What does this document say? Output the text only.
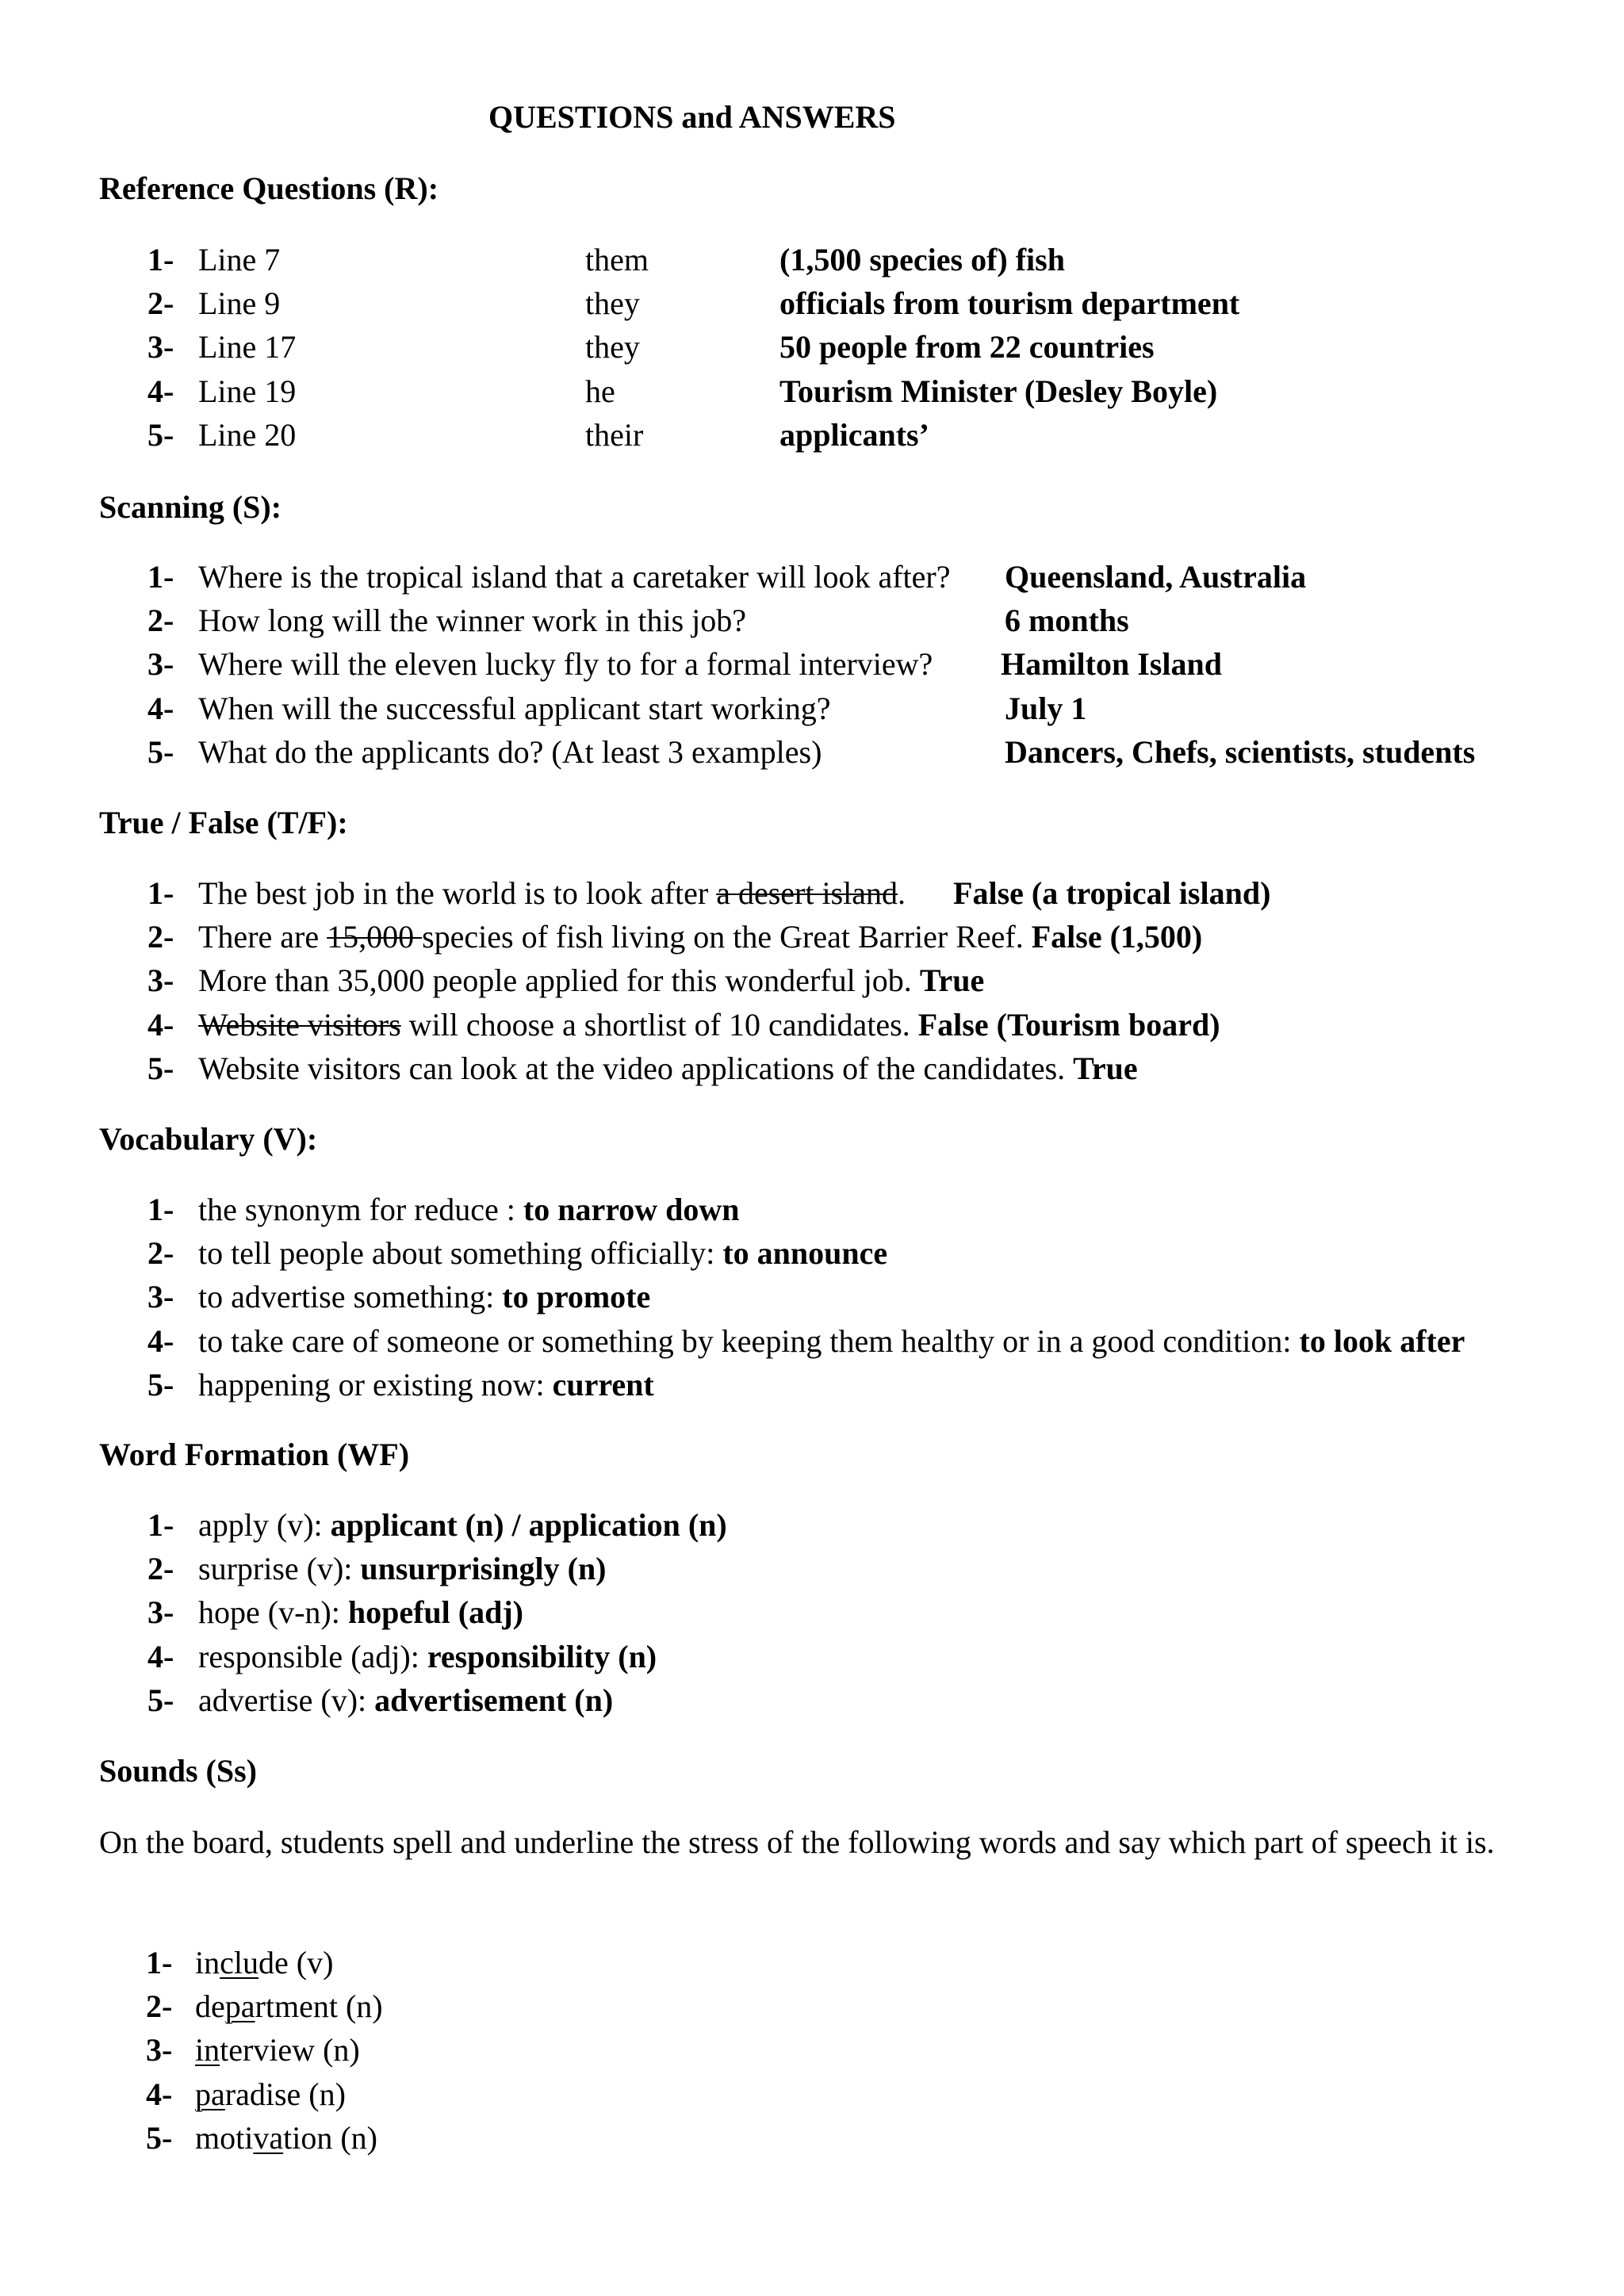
QUESTIONS and ANSWERS
Reference Questions (R):
1- Line 7	them	(1,500 species of) fish
2- Line 9	they	officials from tourism department
3- Line 17	they	50 people from 22 countries
4- Line 19	he	Tourism Minister (Desley Boyle)
5- Line 20	their	applicants’
Scanning (S):
1- Where is the tropical island that a caretaker will look after? Queensland, Australia
2- How long will the winner work in this job?	6 months
3- Where will the eleven lucky fly to for a formal interview? Hamilton Island
4- When will the successful applicant start working?	July 1
5- What do the applicants do? (At least 3 examples)	Dancers, Chefs, scientists, students
True / False (T/F):
1- The best job in the world is to look after a desert island. False (a tropical island)
2- There are 15,000 species of fish living on the Great Barrier Reef. False (1,500)
3- More than 35,000 people applied for this wonderful job. True
4- Website visitors will choose a shortlist of 10 candidates. False (Tourism board)
5- Website visitors can look at the video applications of the candidates. True
Vocabulary (V):
1- the synonym for reduce : to narrow down
2- to tell people about something officially: to announce
3- to advertise something: to promote
4- to take care of someone or something by keeping them healthy or in a good condition: to look after
5- happening or existing now: current
Word Formation (WF)
1- apply (v): applicant (n) / application (n)
2- surprise (v): unsurprisingly (n)
3- hope (v-n): hopeful (adj)
4- responsible (adj): responsibility (n)
5- advertise (v): advertisement (n)
Sounds (Ss)
On the board, students spell and underline the stress of the following words and say which part of speech it is.
1- include (v)
2- department (n)
3- interview (n)
4- paradise (n)
5- motivation (n)
